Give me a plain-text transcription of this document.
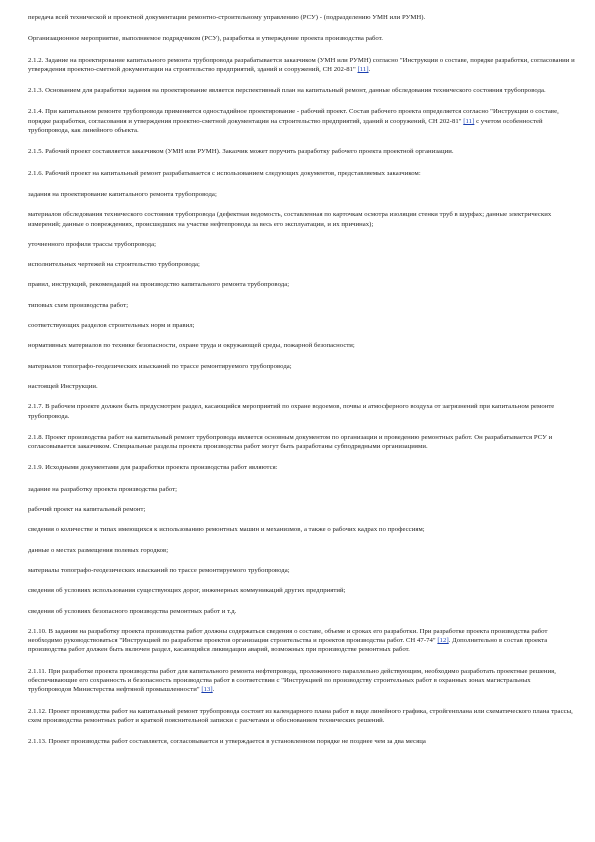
передача всей технической и проектной документации ремонтно-строительному управлению (РСУ) - (подразделению УМН или РУМН).

Организационное мероприятие, выполняемое подрядчиком (РСУ), разработка и утверждение проекта производства работ.

2.1.2. Задание на проектирование капитального ремонта трубопровода разрабатывается заказчиком (УМН или РУМН) согласно "Инструкции о составе, порядке разработки, согласовании и утверждения проектно-сметной документации на строительство предприятий, зданий и сооружений, СН 202-81" [11].

2.1.3. Основанием для разработки задания на проектирование является перспективный план на капитальный ремонт, данные обследования технического состояния трубопровода.

2.1.4. При капитальном ремонте трубопровода применяется одностадийное проектирование - рабочий проект. Состав рабочего проекта определяется согласно "Инструкции о составе, порядке разработки, согласования и утверждения проектно-сметной документации на строительство предприятий, зданий и сооружений, СН 202-81" [11] с учетом особенностей трубопровода, как линейного объекта.

2.1.5. Рабочий проект составляется заказчиком (УМН или РУМН). Заказчик может поручить разработку рабочего проекта проектной организации.

2.1.6. Рабочий проект на капитальный ремонт разрабатывается с использованием следующих документов, представляемых заказчиком:

задания на проектирование капитального ремонта трубопровода;

материалов обследования технического состояния трубопровода (дефектная ведомость, составленная по карточкам осмотра изоляции стенки труб в шурфах; данные электрических измерений; данные о повреждениях, происшедших на участке нефтепровода за весь его эксплуатации, и их причинах);

уточненного профиля трассы трубопровода;

исполнительных чертежей на строительство трубопровода;

правил, инструкций, рекомендаций на производство капитального ремонта трубопровода;

типовых схем производства работ;

соответствующих разделов строительных норм и правил;

нормативных материалов по технике безопасности, охране труда и окружающей среды, пожарной безопасности;

материалов топографо-геодезических изысканий по трассе ремонтируемого трубопровода;

настоящей Инструкции.

2.1.7. В рабочем проекте должен быть предусмотрен раздел, касающийся мероприятий по охране водоемов, почвы и атмосферного воздуха от загрязнений при капитальном ремонте трубопровода.

2.1.8. Проект производства работ на капитальный ремонт трубопровода является основным документом по организации и проведению ремонтных работ. Он разрабатывается РСУ и согласовывается заказчиком. Специальные разделы проекта производства работ могут быть разработаны субподрядными организациями.

2.1.9. Исходными документами для разработки проекта производства работ являются:

задание на разработку проекта производства работ;

рабочий проект на капитальный ремонт;

сведения о количестве и типах имеющихся к использованию ремонтных машин и механизмов, а также о рабочих кадрах по профессиям;

данные о местах размещения полевых городков;

материалы топографо-геодезических изысканий по трассе ремонтируемого трубопровода;

сведения об условиях использования существующих дорог, инженерных коммуникаций других предприятий;

сведения об условиях безопасного производства ремонтных работ и т.д.

2.1.10. В задании на разработку проекта производства работ должны содержаться сведения о составе, объеме и сроках его разработки. При разработке проекта производства работ необходимо руководствоваться "Инструкцией по разработке проектов организации строительства и проектов производства работ. СН 47-74" [12]. Дополнительно в состав проекта производства работ должен быть включен раздел, касающийся ликвидации аварий, возможных при производстве ремонтных работ.

2.1.11. При разработке проекта производства работ для капитального ремонта нефтепровода, проложенного параллельно действующим, необходимо разработать проектные решения, обеспечивающие его сохранность и безопасность производства работ в соответствии с "Инструкцией по производству строительных работ в охранных зонах магистральных трубопроводов Министерства нефтяной промышленности" [13].

2.1.12. Проект производства работ на капитальный ремонт трубопровода состоит из календарного плана работ в виде линейного графика, стройгенплана или схематического плана трассы, схем производства ремонтных работ и краткой пояснительной записки с расчетами и обоснованием технических решений.

2.1.13. Проект производства работ составляется, согласовывается и утверждается в установленном порядке не позднее чем за два месяца
